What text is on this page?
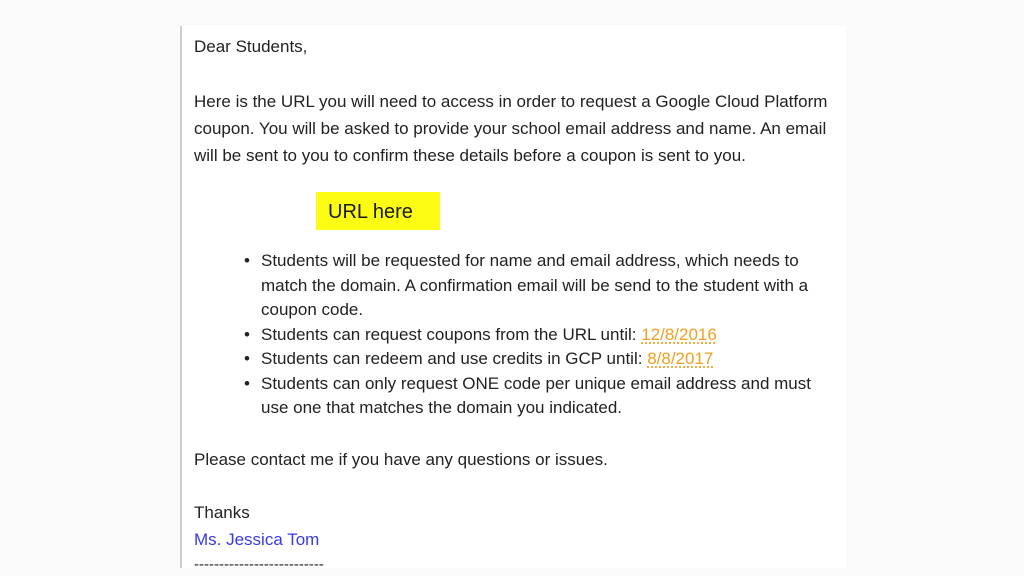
Dear Students,

Here is the URL you will need to access in order to request a Google Cloud Platform coupon. You will be asked to provide your school email address and name. An email will be sent to you to confirm these details before a coupon is sent to you.

URL here
• Students will be requested for name and email address, which needs to match the domain. A confirmation email will be send to the student with a coupon code.
• Students can request coupons from the URL until: 12/8/2016
• Students can redeem and use credits in GCP until: 8/8/2017
• Students can only request ONE code per unique email address and must use one that matches the domain you indicated.

Please contact me if you have any questions or issues.

Thanks

Ms. Jessica Tom

--------------------------
